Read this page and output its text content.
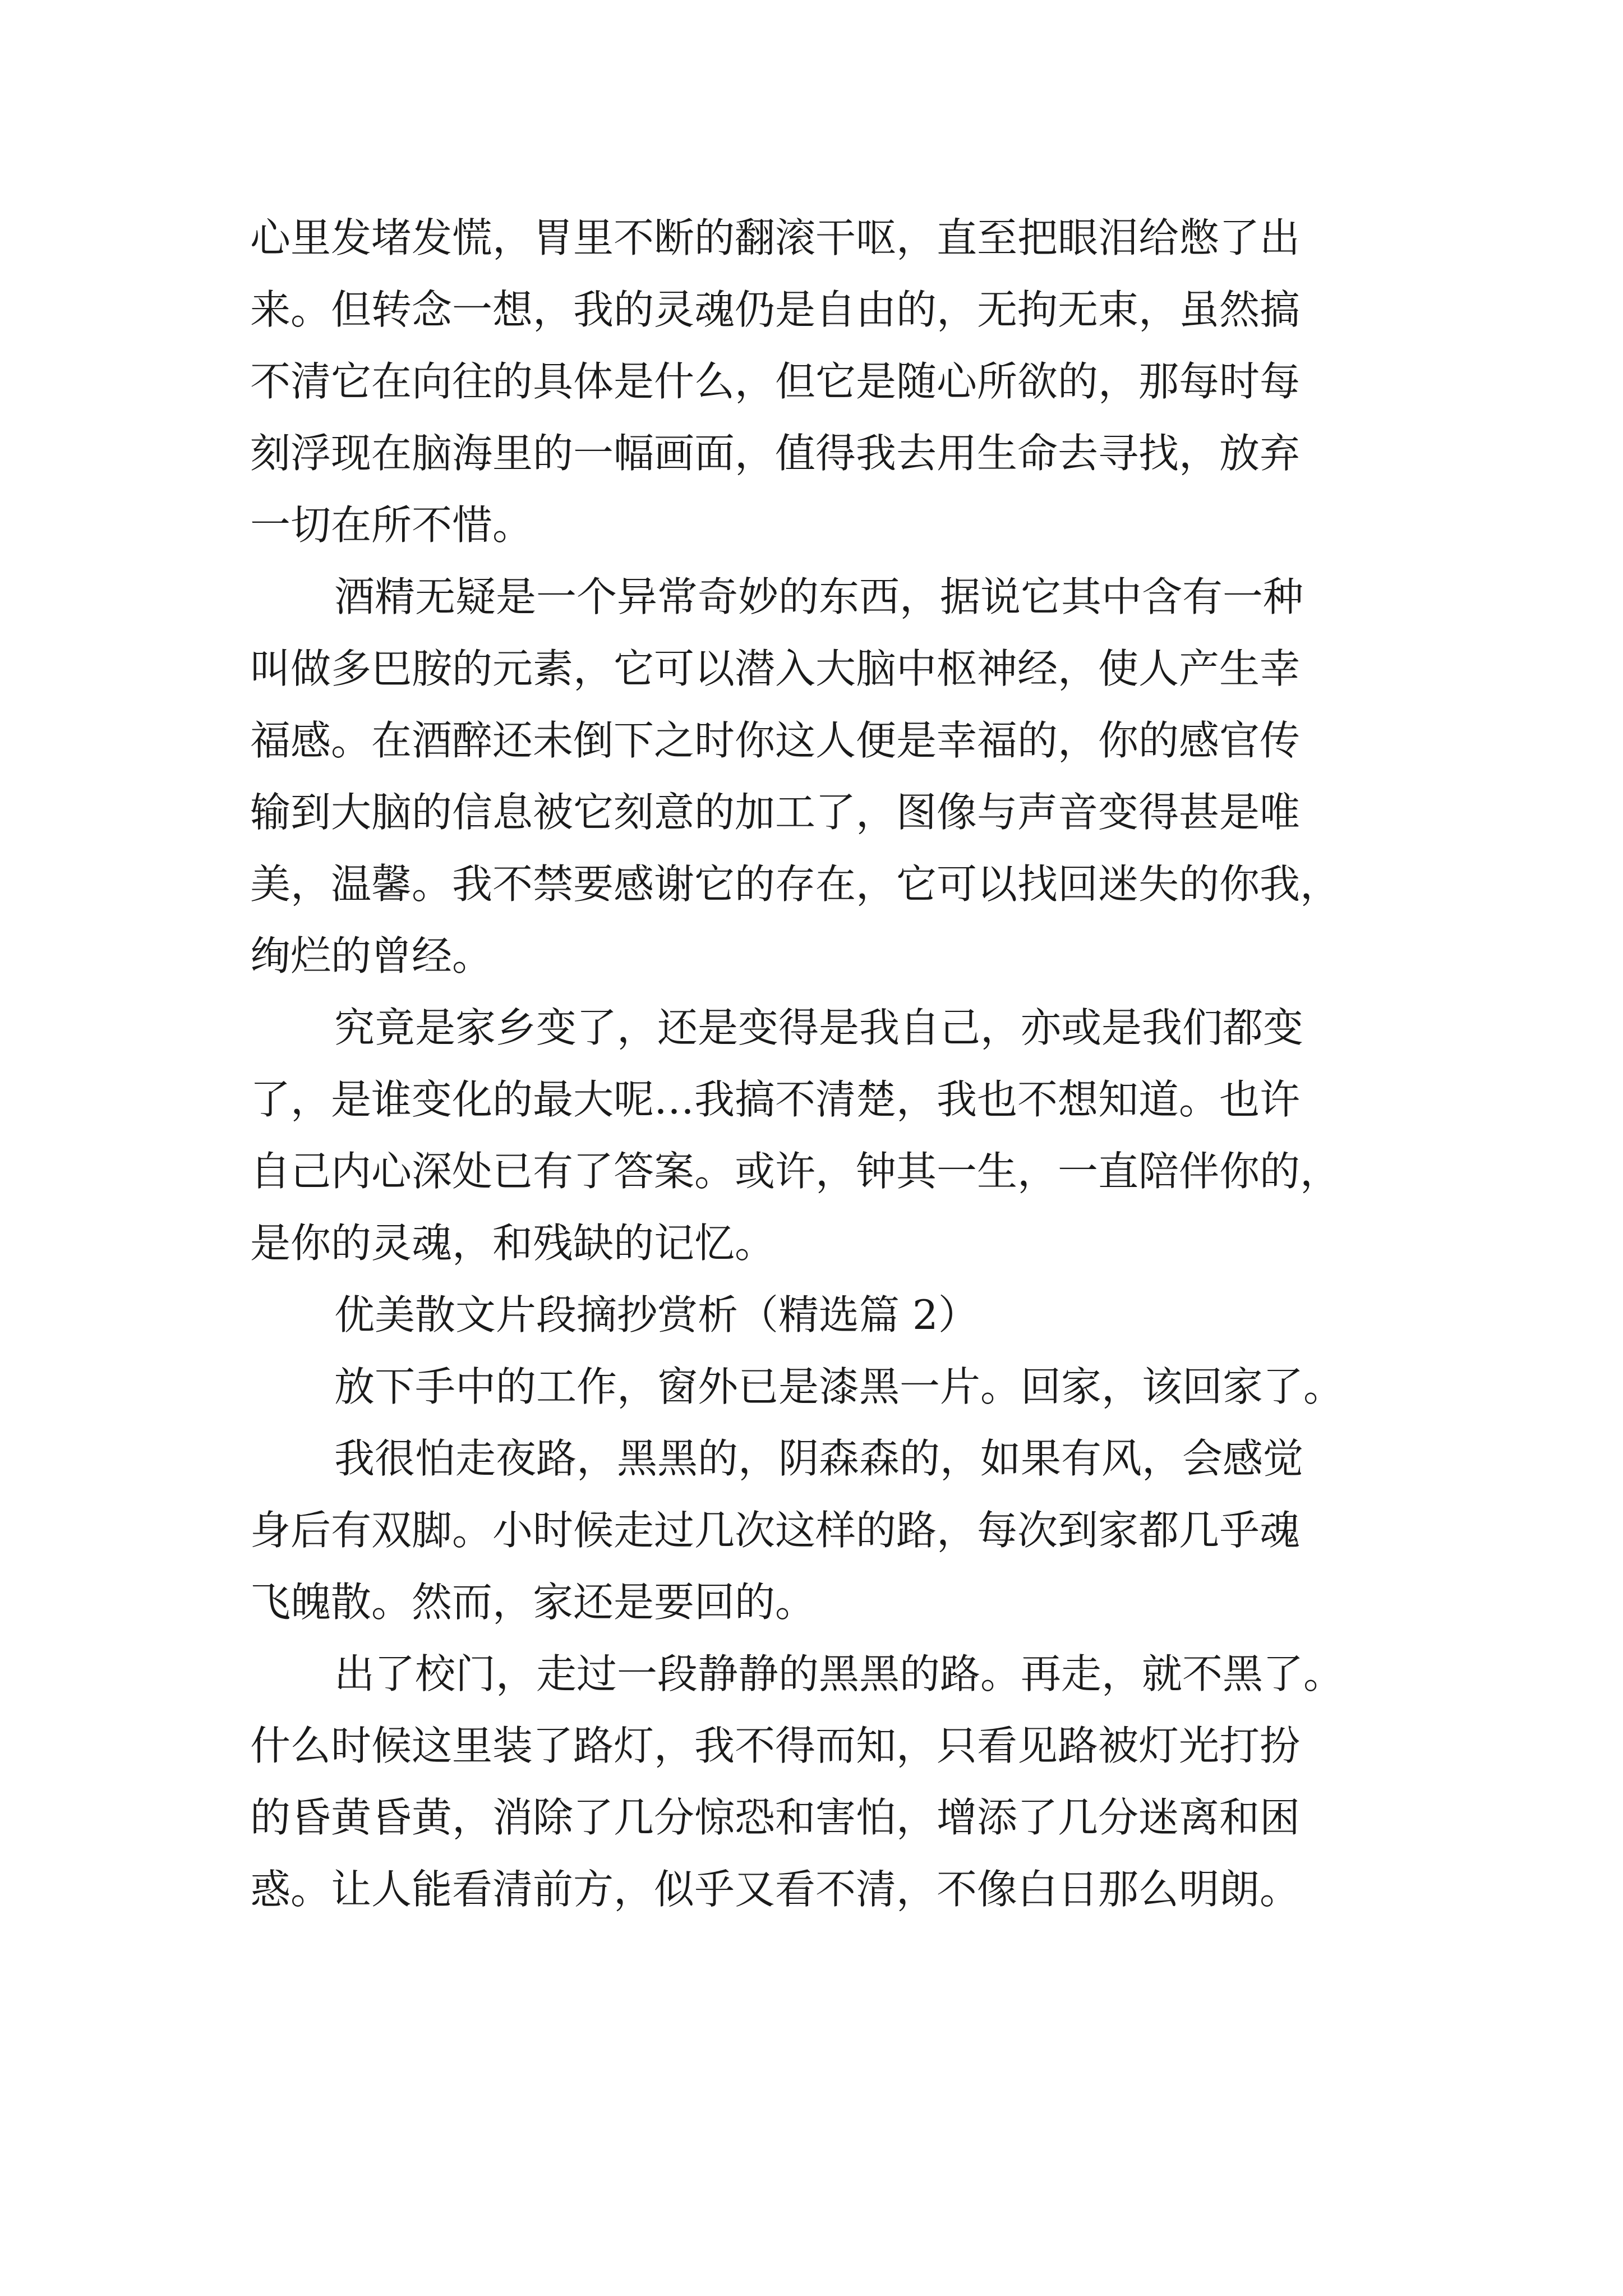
心里发堵发慌，胃里不断的翻滚干呕，直至把眼泪给憋了出
来。但转念一想，我的灵魂仍是自由的，无拘无束，虽然搞
不清它在向往的具体是什么，但它是随心所欲的，那每时每
刻浮现在脑海里的一幅画面，值得我去用生命去寻找，放弃
一切在所不惜。
酒精无疑是一个异常奇妙的东西，据说它其中含有一种
叫做多巴胺的元素，它可以潜入大脑中枢神经，使人产生幸
福感。在酒醉还未倒下之时你这人便是幸福的，你的感官传
输到大脑的信息被它刻意的加工了，图像与声音变得甚是唯
美，温馨。我不禁要感谢它的存在，它可以找回迷失的你我，
绚烂的曾经。
究竟是家乡变了，还是变得是我自己，亦或是我们都变
了，是谁变化的最大呢…我搞不清楚，我也不想知道。也许
自己内心深处已有了答案。或许，钟其一生，一直陪伴你的，
是你的灵魂，和残缺的记忆。
优美散文片段摘抄赏析（精选篇 2）
放下手中的工作，窗外已是漆黑一片。回家，该回家了。
我很怕走夜路，黑黑的，阴森森的，如果有风，会感觉
身后有双脚。小时候走过几次这样的路，每次到家都几乎魂
飞魄散。然而，家还是要回的。
出了校门，走过一段静静的黑黑的路。再走，就不黑了。
什么时候这里装了路灯，我不得而知，只看见路被灯光打扮
的昏黄昏黄，消除了几分惊恐和害怕，增添了几分迷离和困
惑。让人能看清前方，似乎又看不清，不像白日那么明朗。
